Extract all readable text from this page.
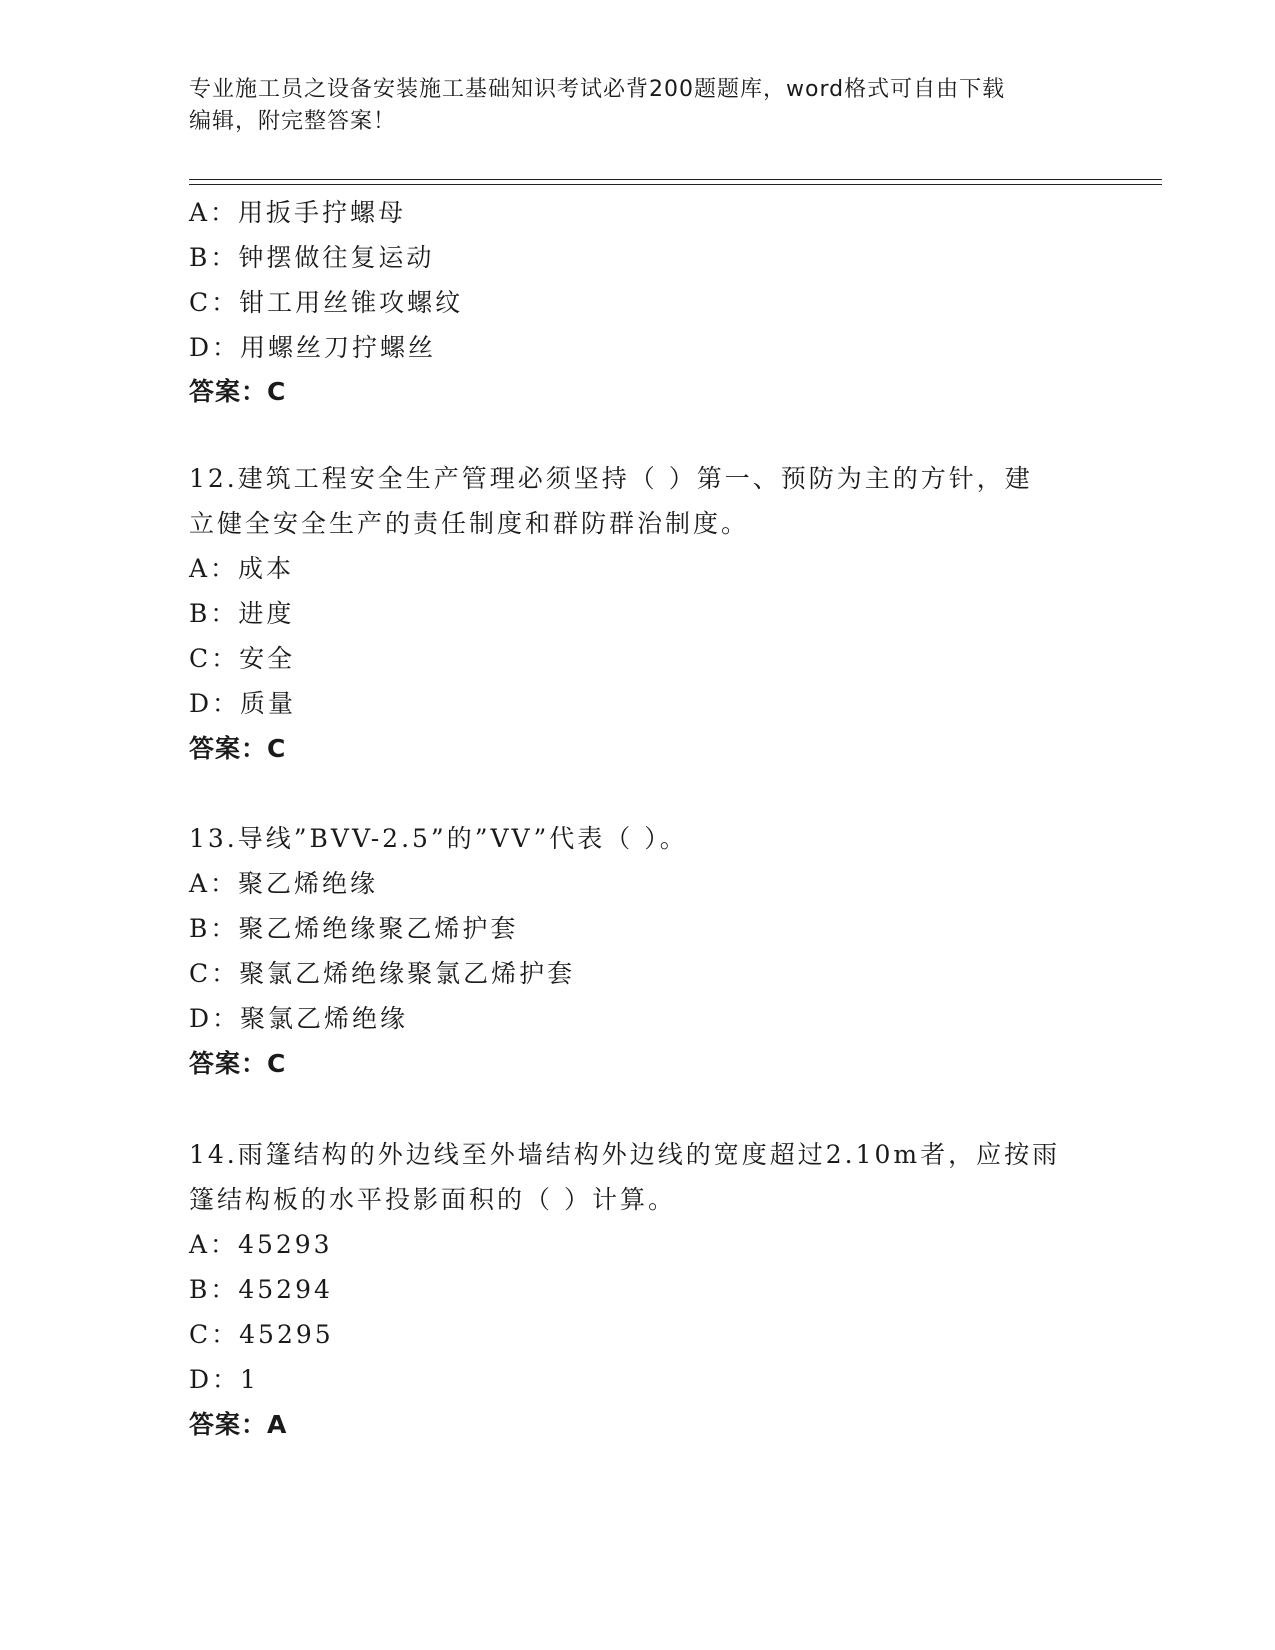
专业施工员之设备安装施工基础知识考试必背200题题库，word格式可自由下载
编辑，附完整答案！
A：用扳手拧螺母
B：钟摆做往复运动
C：钳工用丝锥攻螺纹
D：用螺丝刀拧螺丝
答案：C
12.建筑工程安全生产管理必须坚持（ ）第一、预防为主的方针，建
立健全安全生产的责任制度和群防群治制度。
A：成本
B：进度
C：安全
D：质量
答案：C
13.导线”BVV-2.5”的”VV”代表（ ）。
A：聚乙烯绝缘
B：聚乙烯绝缘聚乙烯护套
C：聚氯乙烯绝缘聚氯乙烯护套
D：聚氯乙烯绝缘
答案：C
14.雨篷结构的外边线至外墙结构外边线的宽度超过2.10m者，应按雨
篷结构板的水平投影面积的（ ）计算。
A：45293
B：45294
C：45295
D：1
答案：A
